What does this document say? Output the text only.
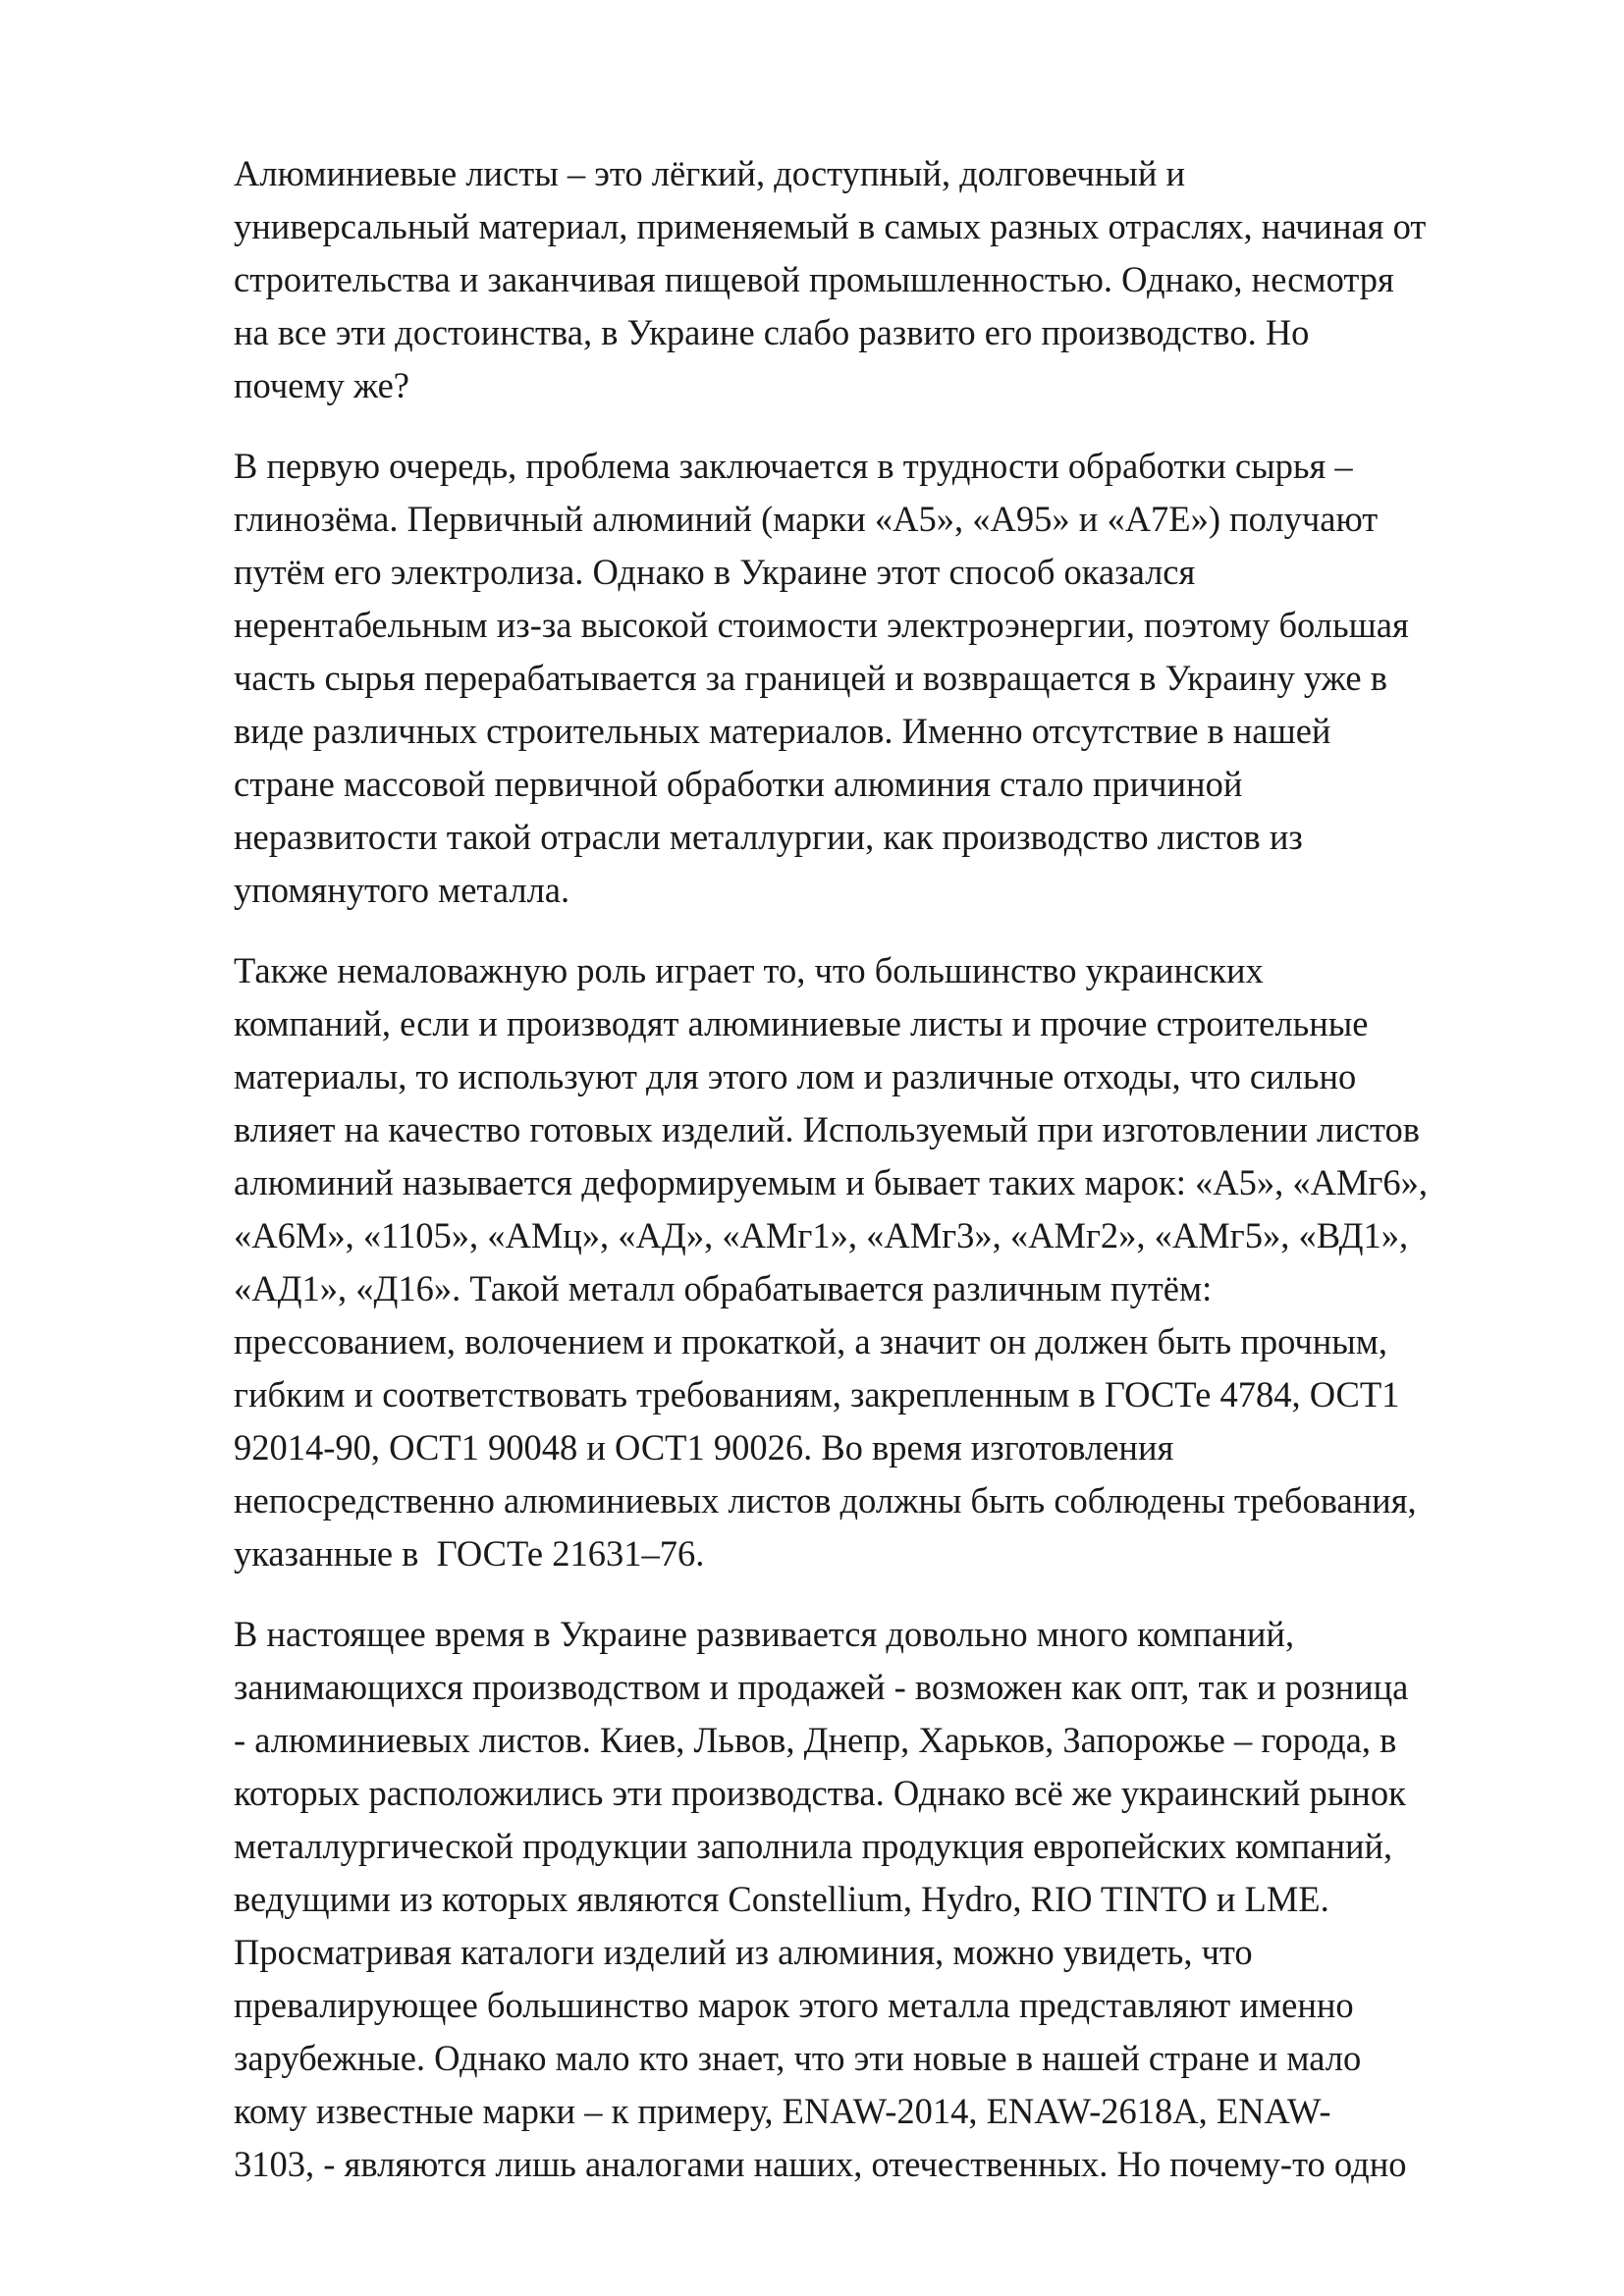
Алюминиевые листы – это лёгкий, доступный, долговечный и
универсальный материал, применяемый в самых разных отраслях, начиная от
строительства и заканчивая пищевой промышленностью. Однако, несмотря
на все эти достоинства, в Украине слабо развито его производство. Но
почему же?
В первую очередь, проблема заключается в трудности обработки сырья –
глинозёма. Первичный алюминий (марки «А5», «А95» и «А7Е») получают
путём его электролиза. Однако в Украине этот способ оказался
нерентабельным из-за высокой стоимости электроэнергии, поэтому большая
часть сырья перерабатывается за границей и возвращается в Украину уже в
виде различных строительных материалов. Именно отсутствие в нашей
стране массовой первичной обработки алюминия стало причиной
неразвитости такой отрасли металлургии, как производство листов из
упомянутого металла.
Также немаловажную роль играет то, что большинство украинских
компаний, если и производят алюминиевые листы и прочие строительные
материалы, то используют для этого лом и различные отходы, что сильно
влияет на качество готовых изделий. Используемый при изготовлении листов
алюминий называется деформируемым и бывает таких марок: «А5», «АМг6»,
«А6М», «1105», «АМц», «АД», «АМг1», «АМг3», «АМг2», «АМг5», «ВД1»,
«АД1», «Д16». Такой металл обрабатывается различным путём:
прессованием, волочением и прокаткой, а значит он должен быть прочным,
гибким и соответствовать требованиям, закрепленным в ГОСТе 4784, ОСТ1
92014-90, ОСТ1 90048 и ОСТ1 90026. Во время изготовления
непосредственно алюминиевых листов должны быть соблюдены требования,
указанные в  ГОСТе 21631–76.
В настоящее время в Украине развивается довольно много компаний,
занимающихся производством и продажей - возможен как опт, так и розница
- алюминиевых листов. Киев, Львов, Днепр, Харьков, Запорожье – города, в
которых расположились эти производства. Однако всё же украинский рынок
металлургической продукции заполнила продукция европейских компаний,
ведущими из которых являются Constellium, Hydro, RIO TINTO и LME.
Просматривая каталоги изделий из алюминия, можно увидеть, что
превалирующее большинство марок этого металла представляют именно
зарубежные. Однако мало кто знает, что эти новые в нашей стране и мало
кому известные марки – к примеру, ENAW-2014, ENAW-2618A, ENAW-
3103, - являются лишь аналогами наших, отечественных. Но почему-то одно
